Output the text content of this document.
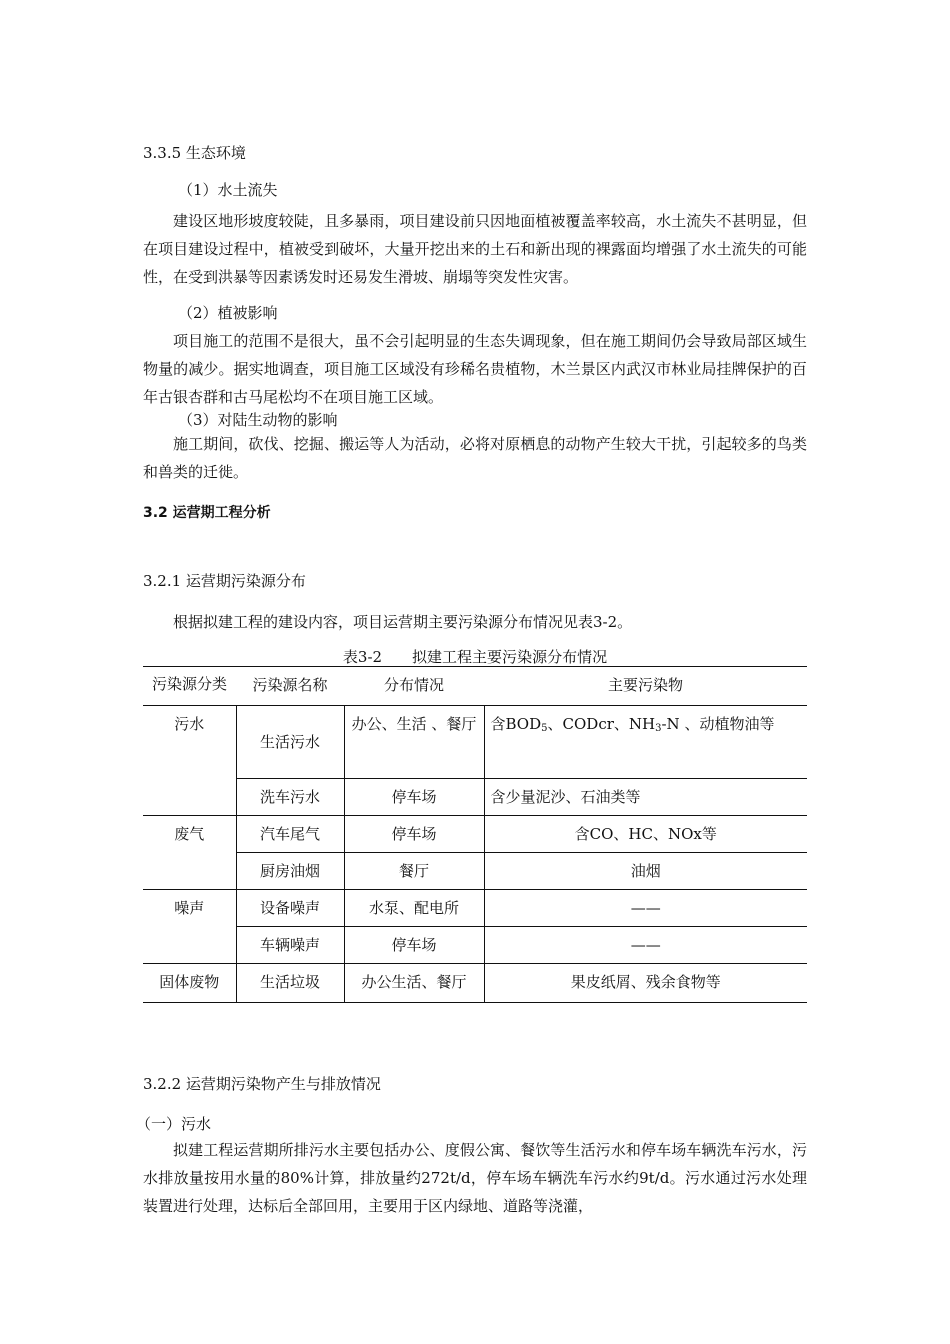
3.3.5 生态环境

（1）水土流失

建设区地形坡度较陡，且多暴雨，项目建设前只因地面植被覆盖率较高，水土流失不甚明显，但在项目建设过程中，植被受到破坏，大量开挖出来的土石和新出现的裸露面均增强了水土流失的可能性，在受到洪暴等因素诱发时还易发生滑坡、崩塌等突发性灾害。

（2）植被影响

项目施工的范围不是很大，虽不会引起明显的生态失调现象，但在施工期间仍会导致局部区域生物量的减少。据实地调查，项目施工区域没有珍稀名贵植物，木兰景区内武汉市林业局挂牌保护的百年古银杏群和古马尾松均不在项目施工区域。

（3）对陆生动物的影响

施工期间，砍伐、挖掘、搬运等人为活动，必将对原栖息的动物产生较大干扰，引起较多的鸟类和兽类的迁徙。

3.2 运营期工程分析

3.2.1 运营期污染源分布

根据拟建工程的建设内容，项目运营期主要污染源分布情况见表3-2。

表3-2　　拟建工程主要污染源分布情况

污染源分类	污染源名称	分布情况	主要污染物
污水	生活污水	办公、生活 、餐厅	含$BOD_5$、CODcr、$NH_3-N$ 、动植物油等
	洗车污水	停车场	含少量泥沙、石油类等
废气	汽车尾气	停车场	含CO、HC、NOx等
	厨房油烟	餐厅	油烟
噪声	设备噪声	水泵、配电所	——
	车辆噪声	停车场	——
固体废物	生活垃圾	办公生活、餐厅	果皮纸屑、残余食物等

3.2.2 运营期污染物产生与排放情况

（一）污水

拟建工程运营期所排污水主要包括办公、度假公寓、餐饮等生活污水和停车场车辆洗车污水，污水排放量按用水量的80%计算，排放量约272t/d，停车场车辆洗车污水约9t/d。污水通过污水处理装置进行处理，达标后全部回用，主要用于区内绿地、道路等浇灌，
